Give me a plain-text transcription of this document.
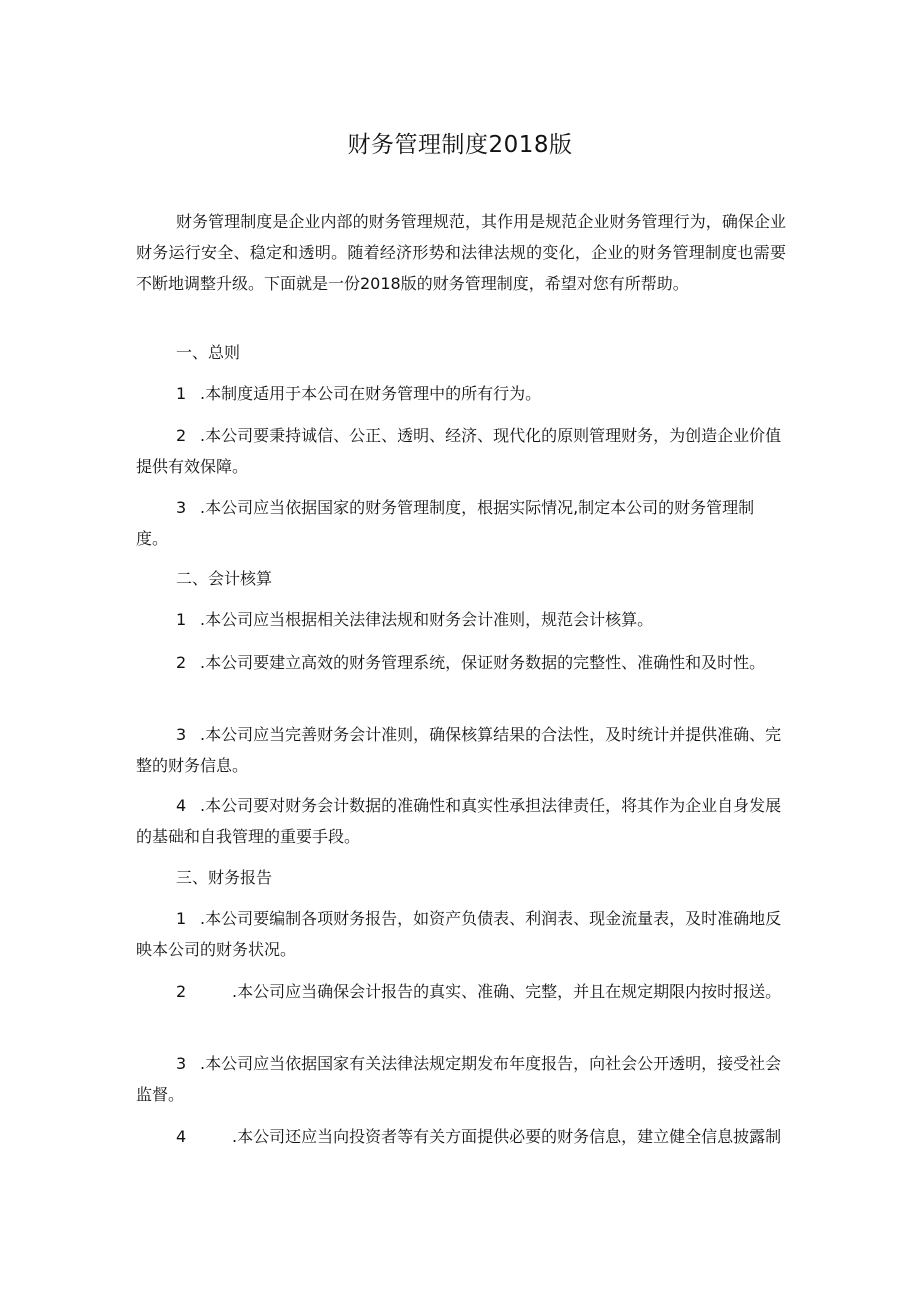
财务管理制度2018版

财务管理制度是企业内部的财务管理规范，其作用是规范企业财务管理行为，确保企业财务运行安全、稳定和透明。随着经济形势和法律法规的变化，企业的财务管理制度也需要不断地调整升级。下面就是一份2018版的财务管理制度，希望对您有所帮助。

一、总则

1 .本制度适用于本公司在财务管理中的所有行为。

2 .本公司要秉持诚信、公正、透明、经济、现代化的原则管理财务，为创造企业价值提供有效保障。

3 .本公司应当依据国家的财务管理制度，根据实际情况,制定本公司的财务管理制度。

二、会计核算

1 .本公司应当根据相关法律法规和财务会计准则，规范会计核算。

2 .本公司要建立高效的财务管理系统，保证财务数据的完整性、准确性和及时性。

3 .本公司应当完善财务会计准则，确保核算结果的合法性，及时统计并提供准确、完整的财务信息。

4 .本公司要对财务会计数据的准确性和真实性承担法律责任，将其作为企业自身发展的基础和自我管理的重要手段。

三、财务报告

1 .本公司要编制各项财务报告，如资产负债表、利润表、现金流量表，及时准确地反映本公司的财务状况。

2	.本公司应当确保会计报告的真实、准确、完整，并且在规定期限内按时报送。

3 .本公司应当依据国家有关法律法规定期发布年度报告，向社会公开透明，接受社会监督。

4	.本公司还应当向投资者等有关方面提供必要的财务信息，建立健全信息披露制
